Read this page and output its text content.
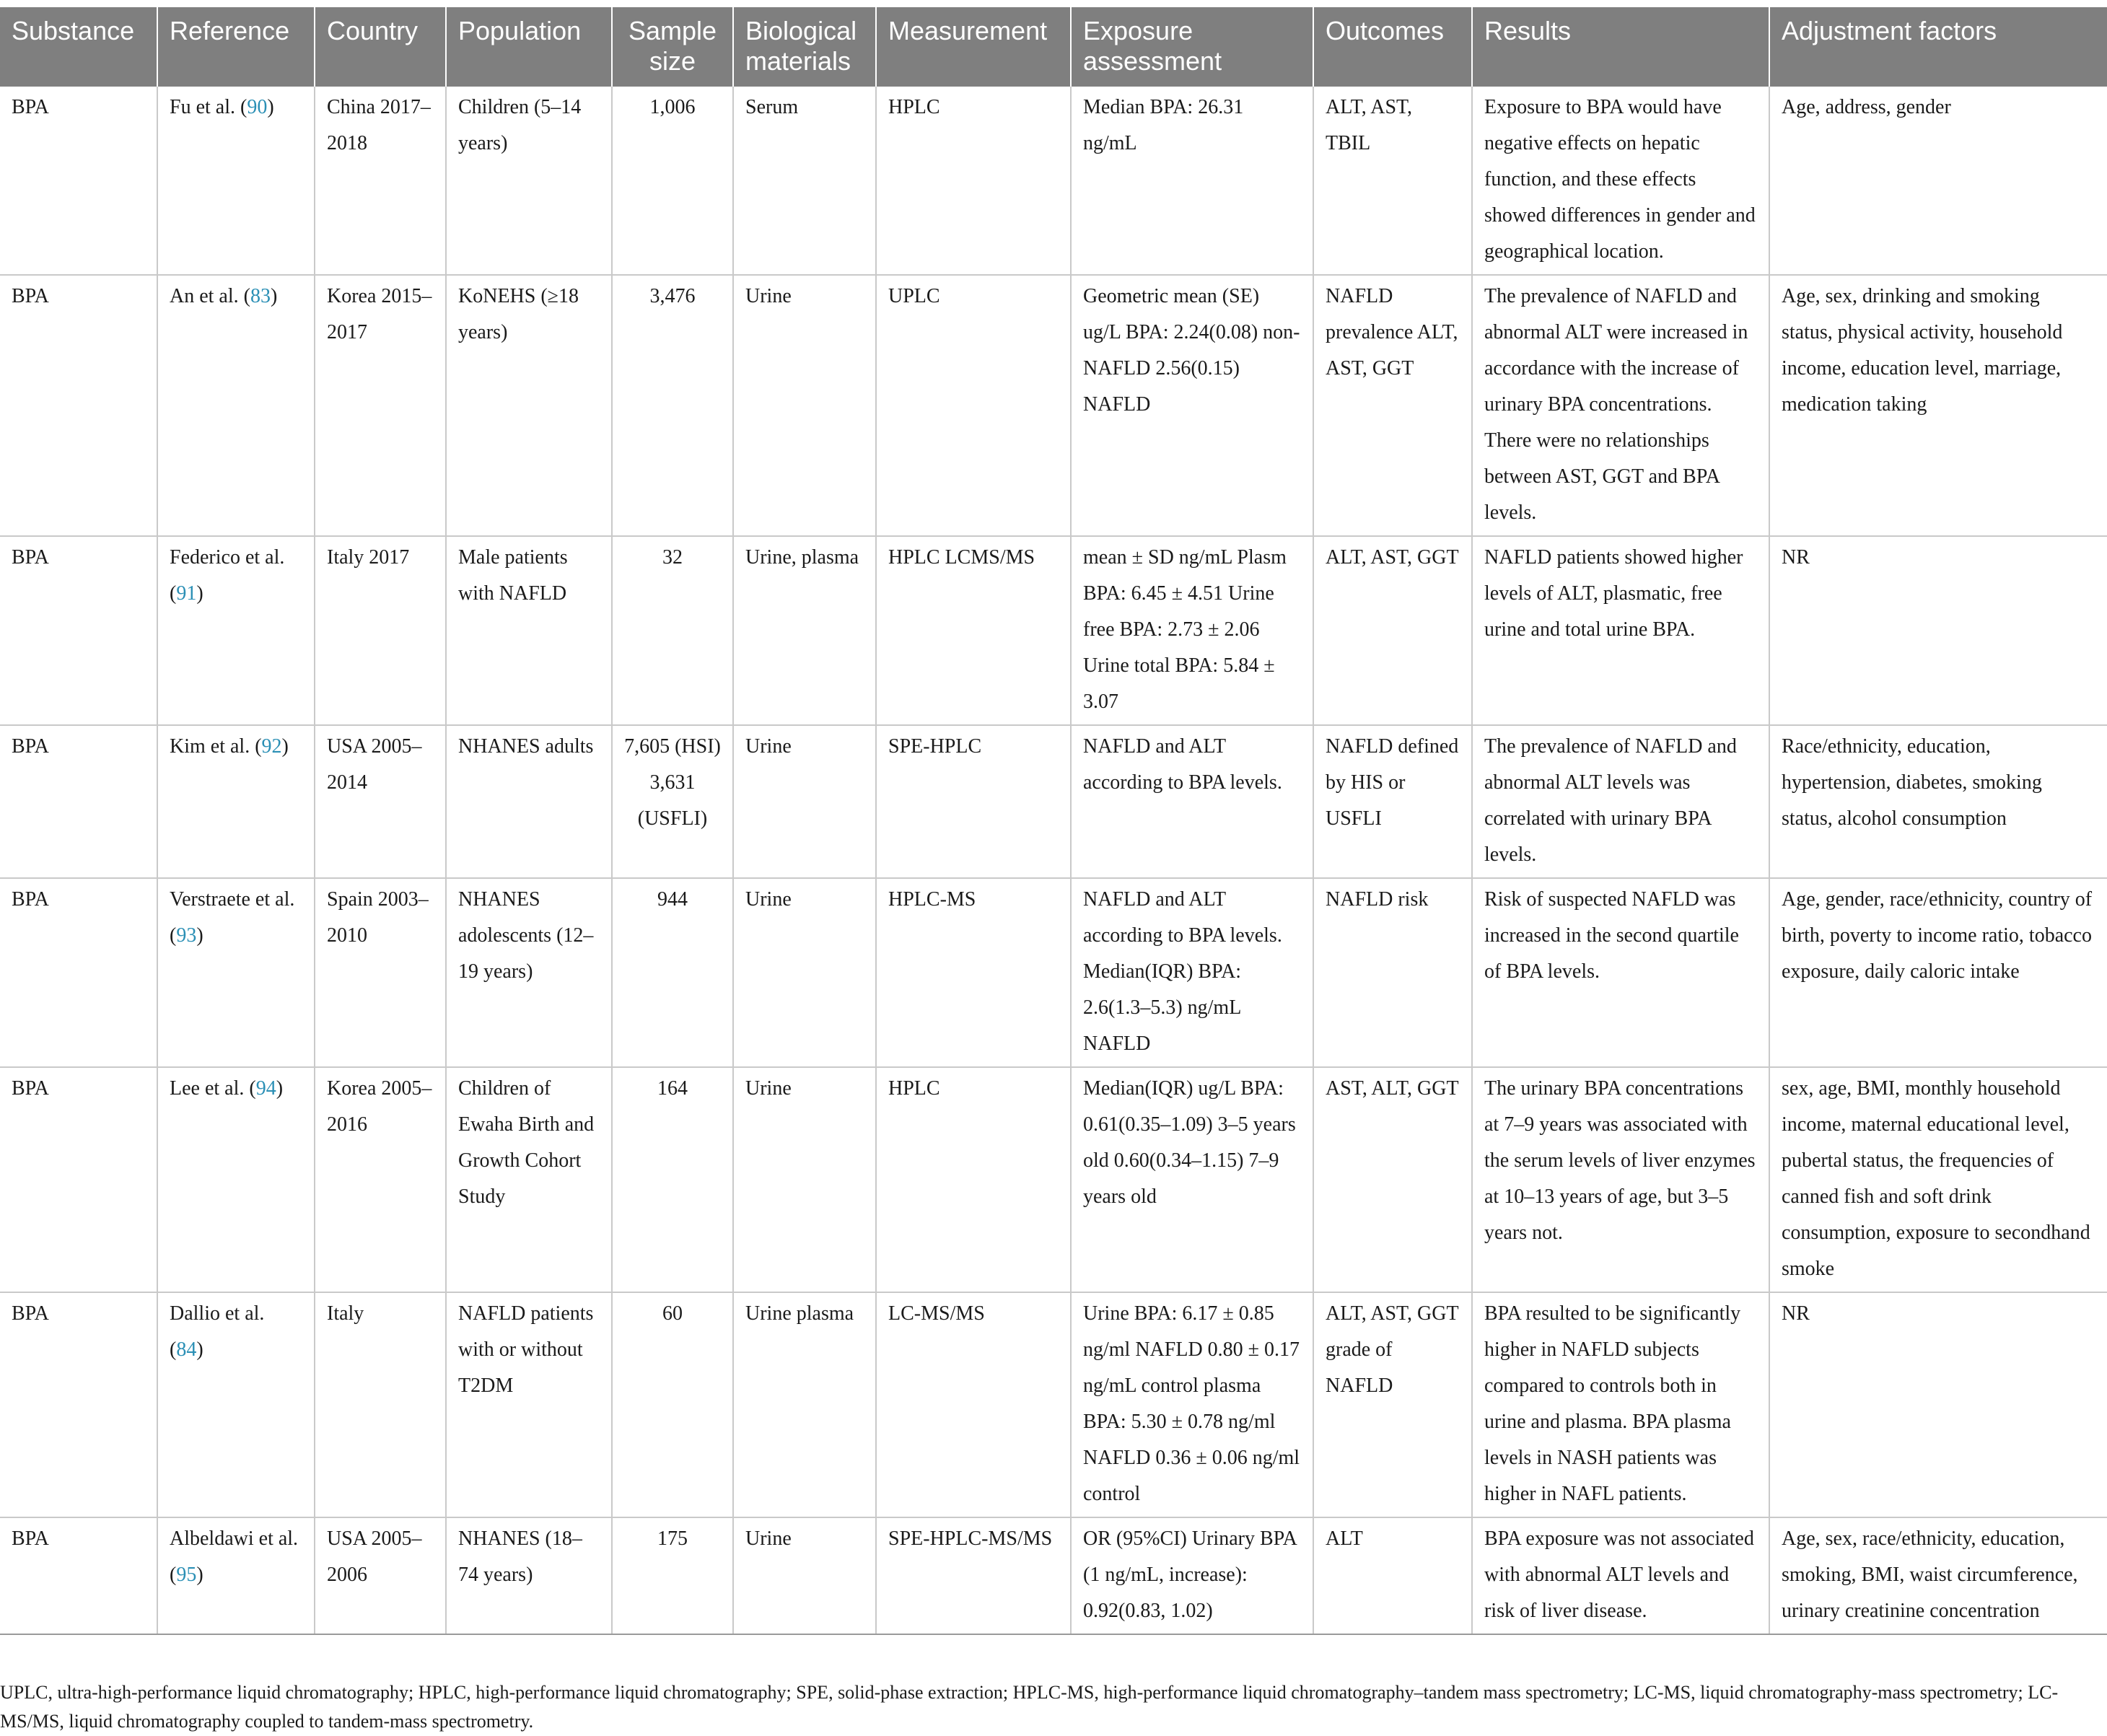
Substance	Reference	Country	Population	Sample size	Biological materials	Measurement	Exposure assessment	Outcomes	Results	Adjustment factors
BPA	Fu et al. (90)	China 2017–2018	Children (5–14 years)	1,006	Serum	HPLC	Median BPA: 26.31 ng/mL	ALT, AST, TBIL	Exposure to BPA would have negative effects on hepatic function, and these effects showed differences in gender and geographical location.	Age, address, gender
BPA	An et al. (83)	Korea 2015–2017	KoNEHS (≥18 years)	3,476	Urine	UPLC	Geometric mean (SE) ug/L BPA: 2.24(0.08) non-NAFLD 2.56(0.15) NAFLD	NAFLD prevalence ALT, AST, GGT	The prevalence of NAFLD and abnormal ALT were increased in accordance with the increase of urinary BPA concentrations. There were no relationships between AST, GGT and BPA levels.	Age, sex, drinking and smoking status, physical activity, household income, education level, marriage, medication taking
BPA	Federico et al. (91)	Italy 2017	Male patients with NAFLD	32	Urine, plasma	HPLC LCMS/MS	mean ± SD ng/mL Plasm BPA: 6.45 ± 4.51 Urine free BPA: 2.73 ± 2.06 Urine total BPA: 5.84 ± 3.07	ALT, AST, GGT	NAFLD patients showed higher levels of ALT, plasmatic, free urine and total urine BPA.	NR
BPA	Kim et al. (92)	USA 2005–2014	NHANES adults	7,605 (HSI) 3,631 (USFLI)	Urine	SPE-HPLC	NAFLD and ALT according to BPA levels.	NAFLD defined by HIS or USFLI	The prevalence of NAFLD and abnormal ALT levels was correlated with urinary BPA levels.	Race/ethnicity, education, hypertension, diabetes, smoking status, alcohol consumption
BPA	Verstraete et al. (93)	Spain 2003–2010	NHANES adolescents (12–19 years)	944	Urine	HPLC-MS	NAFLD and ALT according to BPA levels. Median(IQR) BPA: 2.6(1.3–5.3) ng/mL NAFLD	NAFLD risk	Risk of suspected NAFLD was increased in the second quartile of BPA levels.	Age, gender, race/ethnicity, country of birth, poverty to income ratio, tobacco exposure, daily caloric intake
BPA	Lee et al. (94)	Korea 2005–2016	Children of Ewaha Birth and Growth Cohort Study	164	Urine	HPLC	Median(IQR) ug/L BPA: 0.61(0.35–1.09) 3–5 years old 0.60(0.34–1.15) 7–9 years old	AST, ALT, GGT	The urinary BPA concentrations at 7–9 years was associated with the serum levels of liver enzymes at 10–13 years of age, but 3–5 years not.	sex, age, BMI, monthly household income, maternal educational level, pubertal status, the frequencies of canned fish and soft drink consumption, exposure to secondhand smoke
BPA	Dallio et al. (84)	Italy	NAFLD patients with or without T2DM	60	Urine plasma	LC-MS/MS	Urine BPA: 6.17 ± 0.85 ng/ml NAFLD 0.80 ± 0.17 ng/mL control plasma BPA: 5.30 ± 0.78 ng/ml NAFLD 0.36 ± 0.06 ng/ml control	ALT, AST, GGT grade of NAFLD	BPA resulted to be significantly higher in NAFLD subjects compared to controls both in urine and plasma. BPA plasma levels in NASH patients was higher in NAFL patients.	NR
BPA	Albeldawi et al. (95)	USA 2005–2006	NHANES (18–74 years)	175	Urine	SPE-HPLC-MS/MS	OR (95%CI) Urinary BPA (1 ng/mL, increase): 0.92(0.83, 1.02)	ALT	BPA exposure was not associated with abnormal ALT levels and risk of liver disease.	Age, sex, race/ethnicity, education, smoking, BMI, waist circumference, urinary creatinine concentration

UPLC, ultra-high-performance liquid chromatography; HPLC, high-performance liquid chromatography; SPE, solid-phase extraction; HPLC-MS, high-performance liquid chromatography–tandem mass spectrometry; LC-MS, liquid chromatography-mass spectrometry; LC-MS/MS, liquid chromatography coupled to tandem-mass spectrometry.
